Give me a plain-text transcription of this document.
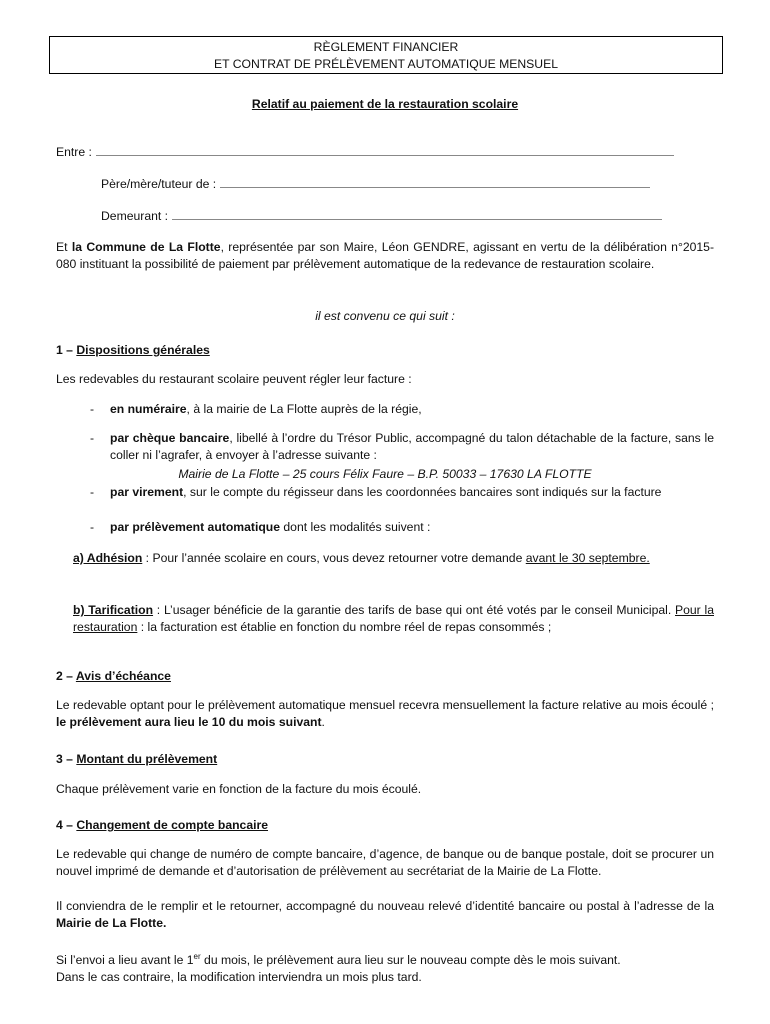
RÈGLEMENT FINANCIER
ET CONTRAT DE PRÉLÈVEMENT AUTOMATIQUE MENSUEL
Relatif au paiement de la restauration scolaire
Entre :
Père/mère/tuteur de :
Demeurant :
Et la Commune de La Flotte, représentée par son Maire, Léon GENDRE, agissant en vertu de la délibération n°2015-080 instituant la possibilité de paiement par prélèvement automatique de la redevance de restauration scolaire.
il est convenu ce qui suit :
1 – Dispositions générales
Les redevables du restaurant scolaire peuvent régler leur facture :
- en numéraire, à la mairie de La Flotte auprès de la régie,
- par chèque bancaire, libellé à l’ordre du Trésor Public, accompagné du talon détachable de la facture, sans le coller ni l’agrafer, à envoyer à l’adresse suivante :
Mairie de La Flotte – 25 cours Félix Faure – B.P. 50033 – 17630 LA FLOTTE
- par virement, sur le compte du régisseur dans les coordonnées bancaires sont indiqués sur la facture
- par prélèvement automatique dont les modalités suivent :
a) Adhésion : Pour l’année scolaire en cours, vous devez retourner votre demande avant le 30 septembre.
b) Tarification : L’usager bénéficie de la garantie des tarifs de base qui ont été votés par le conseil Municipal. Pour la restauration : la facturation est établie en fonction du nombre réel de repas consommés ;
2 – Avis d’échéance
Le redevable optant pour le prélèvement automatique mensuel recevra mensuellement la facture relative au mois écoulé ; le prélèvement aura lieu le 10 du mois suivant.
3 – Montant du prélèvement
Chaque prélèvement varie en fonction de la facture du mois écoulé.
4 – Changement de compte bancaire
Le redevable qui change de numéro de compte bancaire, d’agence, de banque ou de banque postale, doit se procurer un nouvel imprimé de demande et d’autorisation de prélèvement au secrétariat de la Mairie de La Flotte.
Il conviendra de le remplir et le retourner, accompagné du nouveau relevé d’identité bancaire ou postal à l’adresse de la Mairie de La Flotte.
Si l’envoi a lieu avant le 1er du mois, le prélèvement aura lieu sur le nouveau compte dès le mois suivant.
Dans le cas contraire, la modification interviendra un mois plus tard.
